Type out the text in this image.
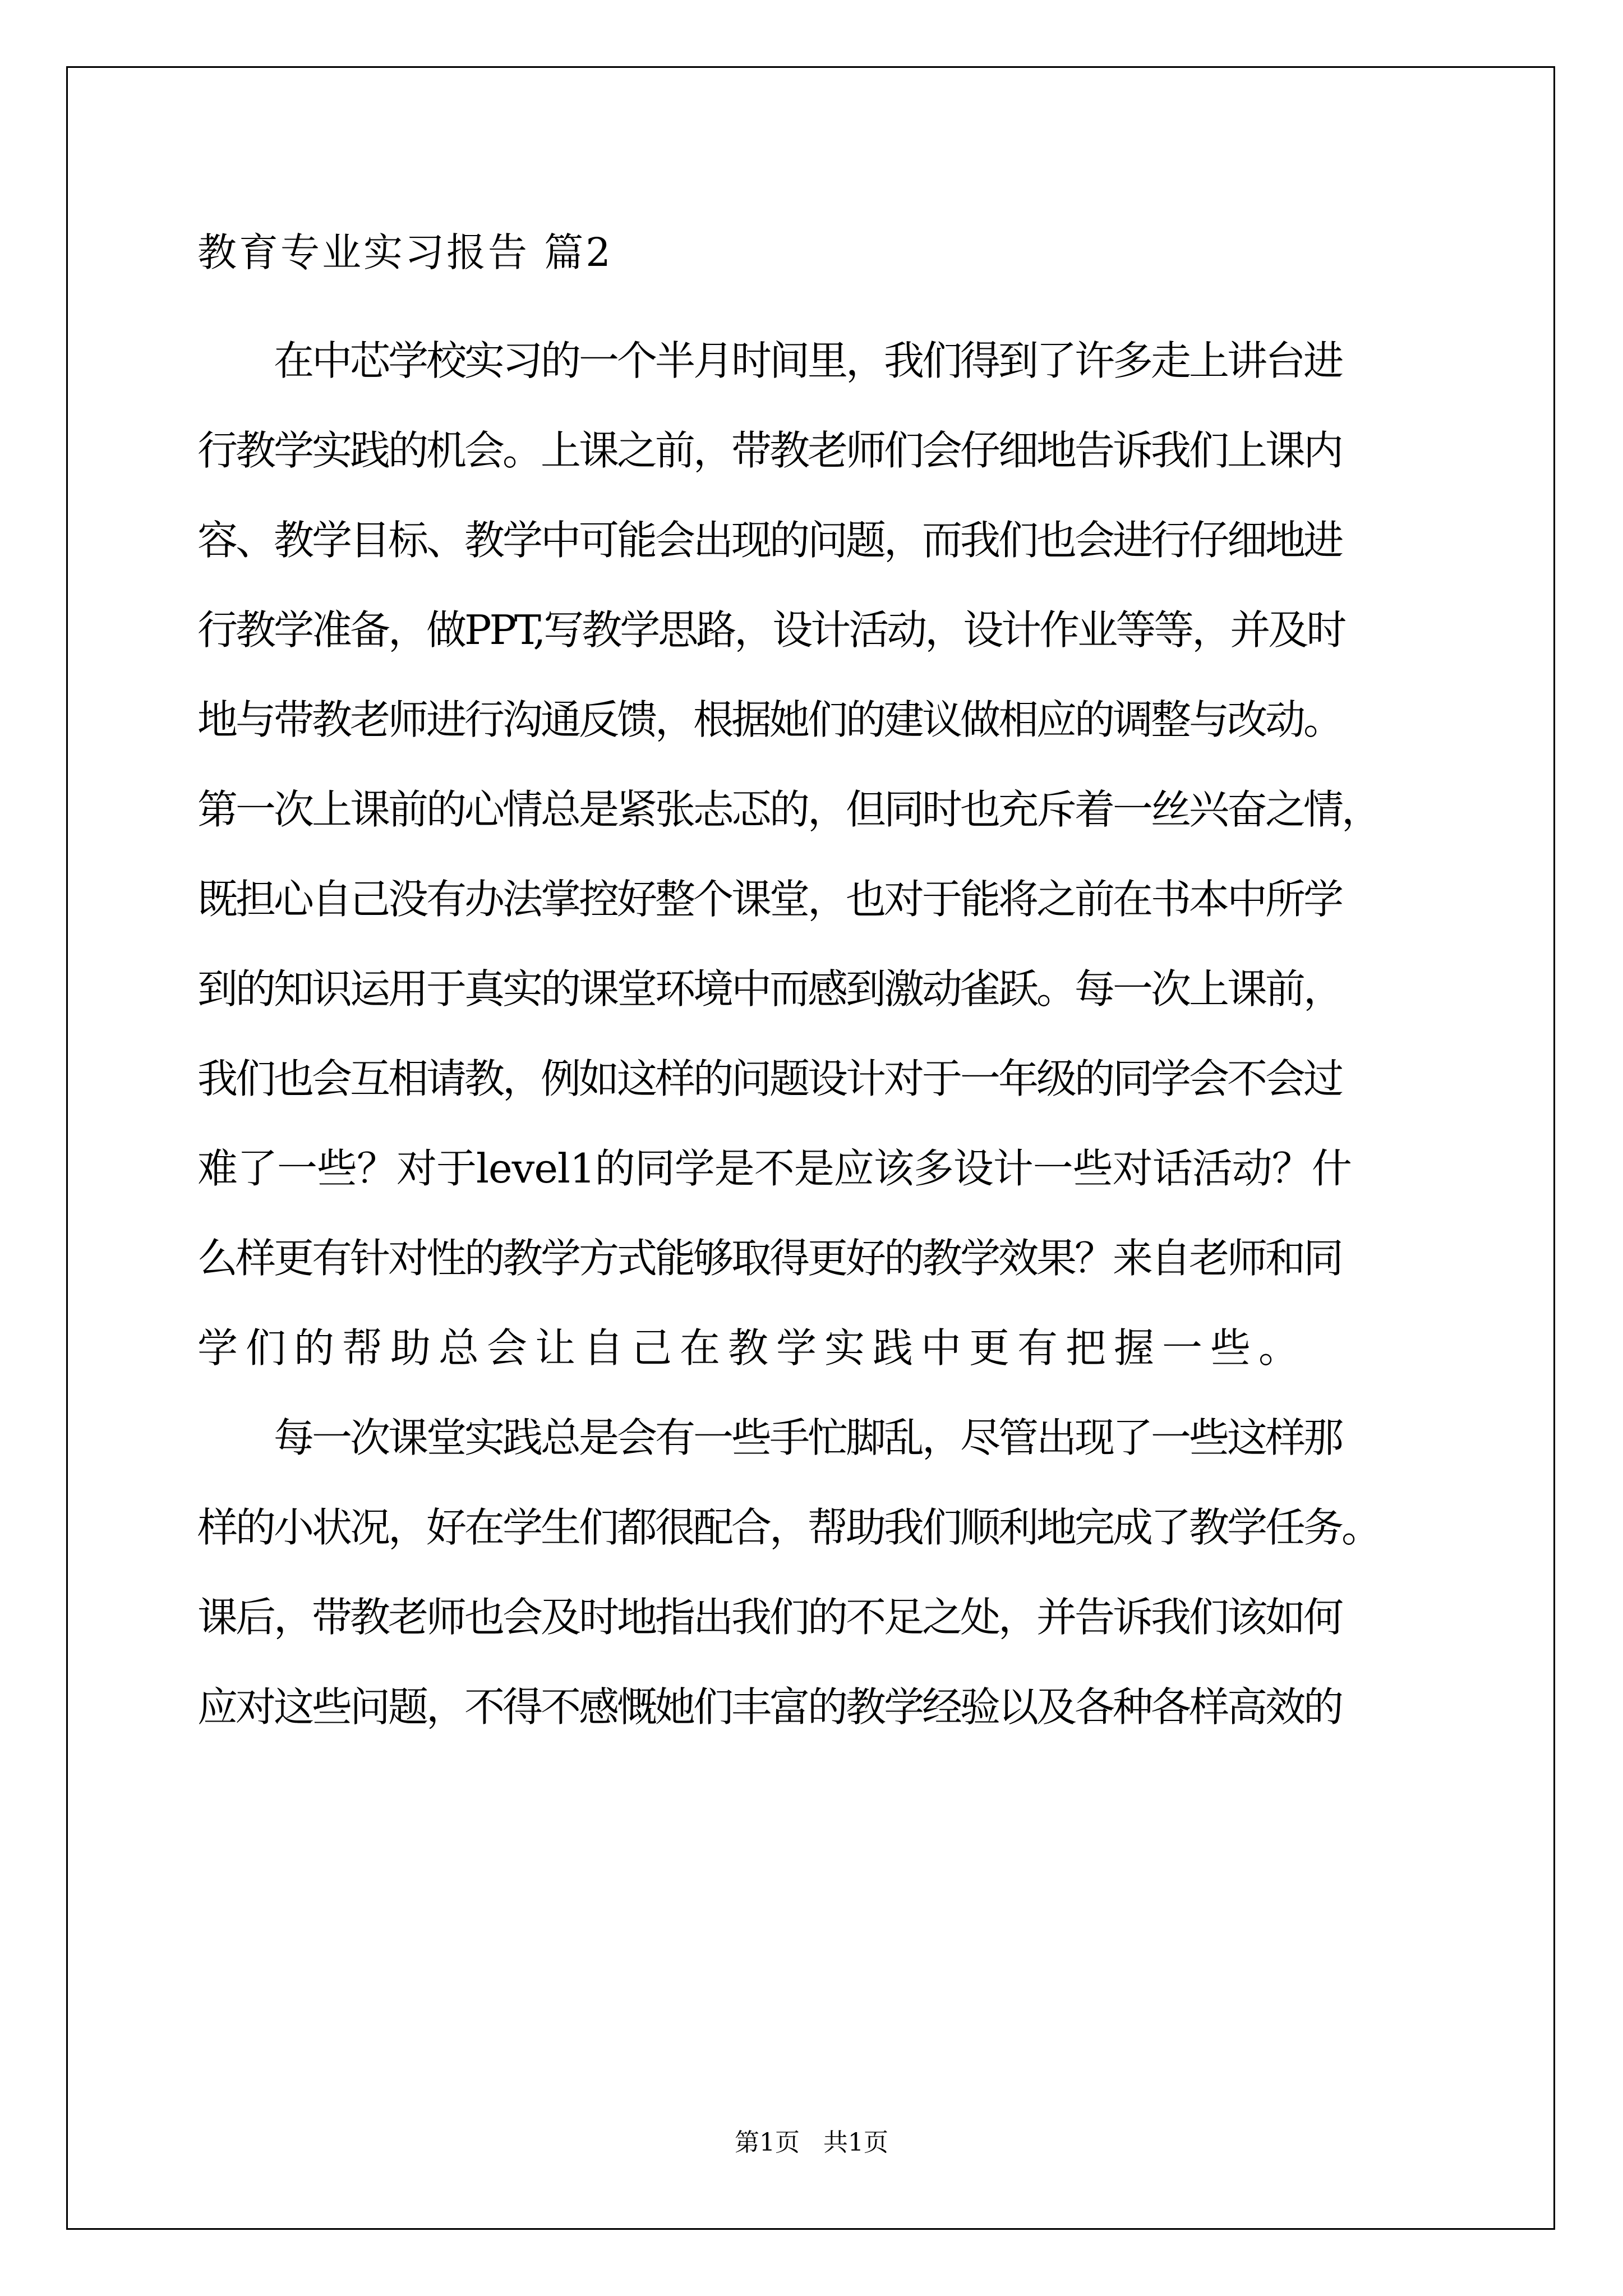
教育专业实习报告 篇2
　　在中芯学校实习的一个半月时间里，我们得到了许多走上讲台进
行教学实践的机会。上课之前，带教老师们会仔细地告诉我们上课内
容、教学目标、教学中可能会出现的问题，而我们也会进行仔细地进
行教学准备，做PPT,写教学思路，设计活动，设计作业等等，并及时
地与带教老师进行沟通反馈，根据她们的建议做相应的调整与改动。
第一次上课前的心情总是紧张忐忑的，但同时也充斥着一丝兴奋之情，
既担心自己没有办法掌控好整个课堂，也对于能将之前在书本中所学
到的知识运用于真实的课堂环境中而感到激动雀跃。每一次上课前，
我们也会互相请教，例如这样的问题设计对于一年级的同学会不会过
难了一些？对于level1的同学是不是应该多设计一些对话活动？什
么样更有针对性的教学方式能够取得更好的教学效果？来自老师和同
学们的帮助总会让自己在教学实践中更有把握一些。
　　每一次课堂实践总是会有一些手忙脚乱，尽管出现了一些这样那
样的小状况，好在学生们都很配合，帮助我们顺利地完成了教学任务。
课后，带教老师也会及时地指出我们的不足之处，并告诉我们该如何
应对这些问题，不得不感慨她们丰富的教学经验以及各种各样高效的
第1页   共1页
